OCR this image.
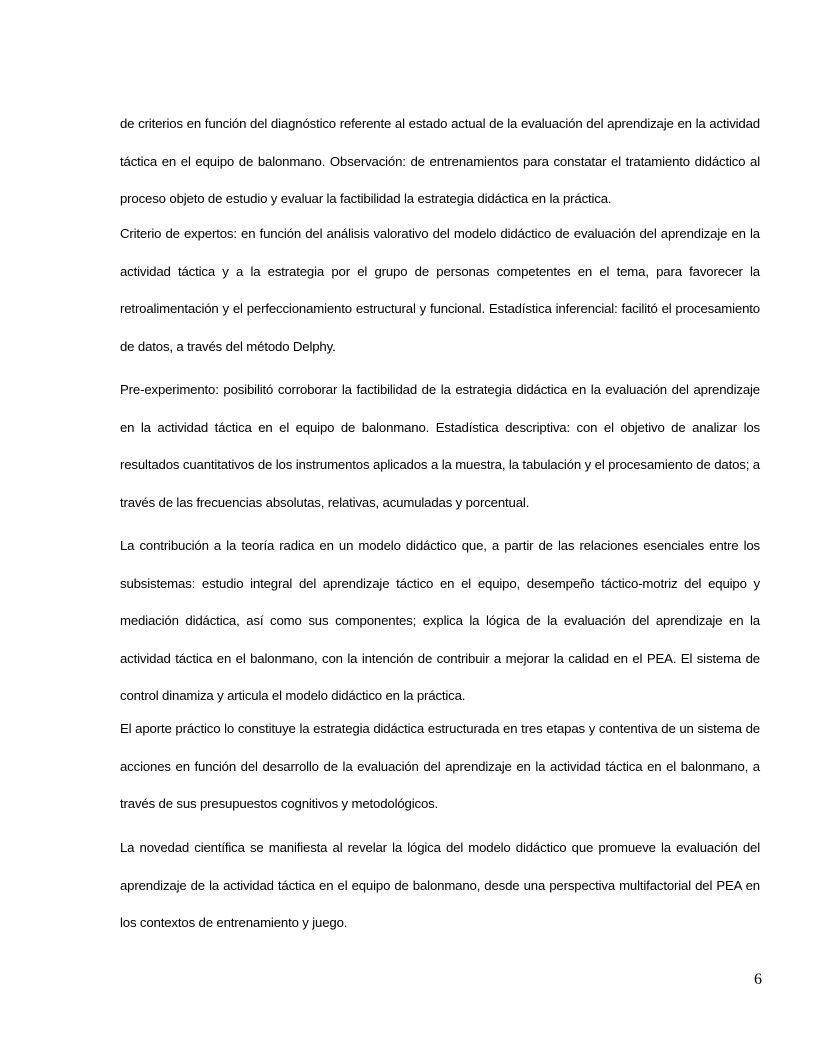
de criterios en función del diagnóstico referente al estado actual de la evaluación del aprendizaje en la actividad táctica en el equipo de balonmano. Observación: de entrenamientos para constatar el tratamiento didáctico al proceso objeto de estudio y evaluar la factibilidad la estrategia didáctica en la práctica.

Criterio de expertos: en función del análisis valorativo del modelo didáctico de evaluación del aprendizaje en la actividad táctica y a la estrategia por el grupo de personas competentes en el tema, para favorecer la retroalimentación y el perfeccionamiento estructural y funcional. Estadística inferencial: facilitó el procesamiento de datos, a través del método Delphy.

Pre-experimento: posibilitó corroborar la factibilidad de la estrategia didáctica en la evaluación del aprendizaje en la actividad táctica en el equipo de balonmano. Estadística descriptiva: con el objetivo de analizar los resultados cuantitativos de los instrumentos aplicados a la muestra, la tabulación y el procesamiento de datos; a través de las frecuencias absolutas, relativas, acumuladas y porcentual.

La contribución a la teoría radica en un modelo didáctico que, a partir de las relaciones esenciales entre los subsistemas: estudio integral del aprendizaje táctico en el equipo, desempeño táctico-motriz del equipo y mediación didáctica, así como sus componentes; explica la lógica de la evaluación del aprendizaje en la actividad táctica en el balonmano, con la intención de contribuir a mejorar la calidad en el PEA. El sistema de control dinamiza y articula el modelo didáctico en la práctica.

El aporte práctico lo constituye la estrategia didáctica estructurada en tres etapas y contentiva de un sistema de acciones en función del desarrollo de la evaluación del aprendizaje en la actividad táctica en el balonmano, a través de sus presupuestos cognitivos y metodológicos.

La novedad científica se manifiesta al revelar la lógica del modelo didáctico que promueve la evaluación del aprendizaje de la actividad táctica en el equipo de balonmano, desde una perspectiva multifactorial del PEA en los contextos de entrenamiento y juego.

6
